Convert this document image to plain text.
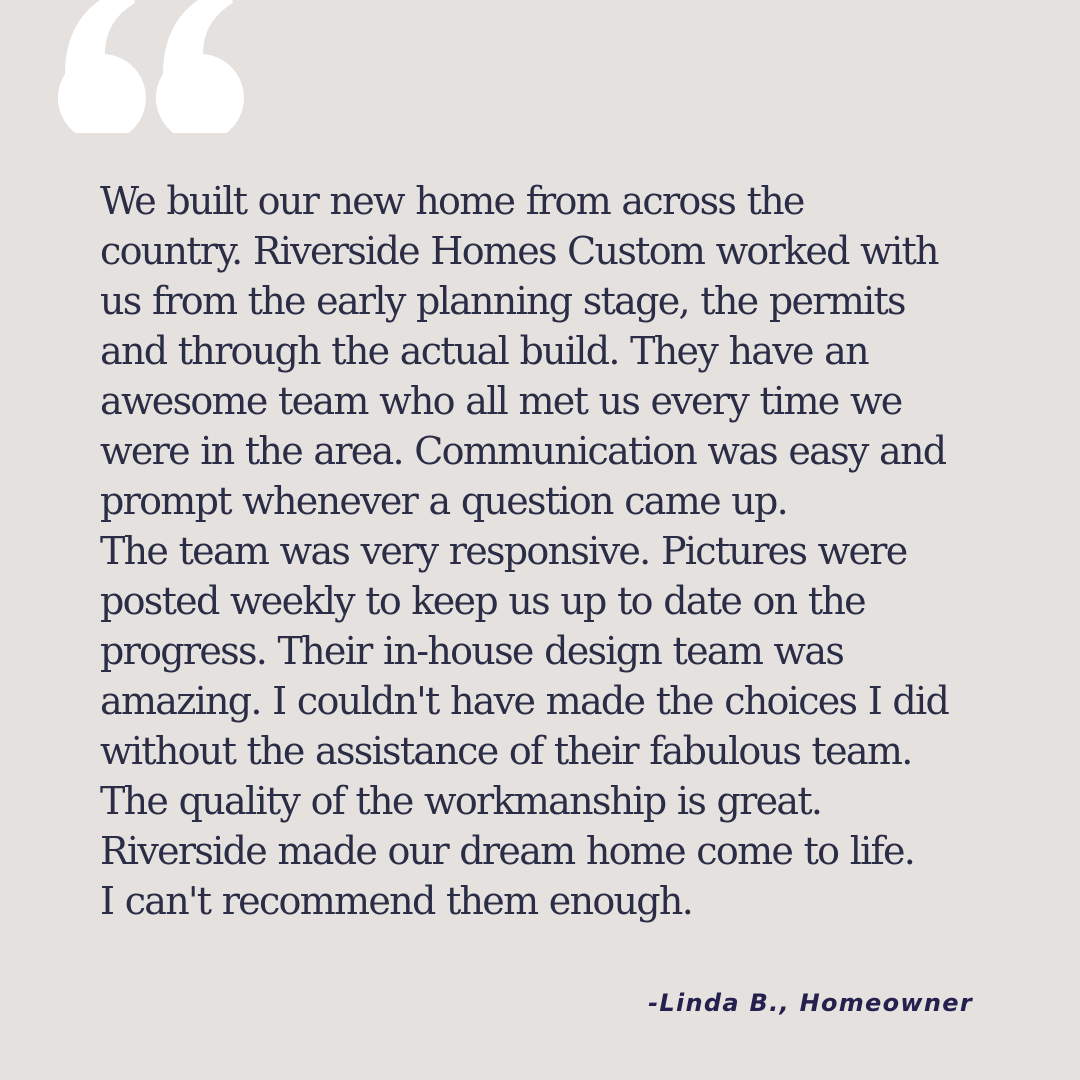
We built our new home from across the
country. Riverside Homes Custom worked with
us from the early planning stage, the permits
and through the actual build. They have an
awesome team who all met us every time we
were in the area. Communication was easy and
prompt whenever a question came up.
The team was very responsive. Pictures were
posted weekly to keep us up to date on the
progress. Their in-house design team was
amazing. I couldn't have made the choices I did
without the assistance of their fabulous team.
The quality of the workmanship is great.
Riverside made our dream home come to life.
I can't recommend them enough.

-Linda B., Homeowner
